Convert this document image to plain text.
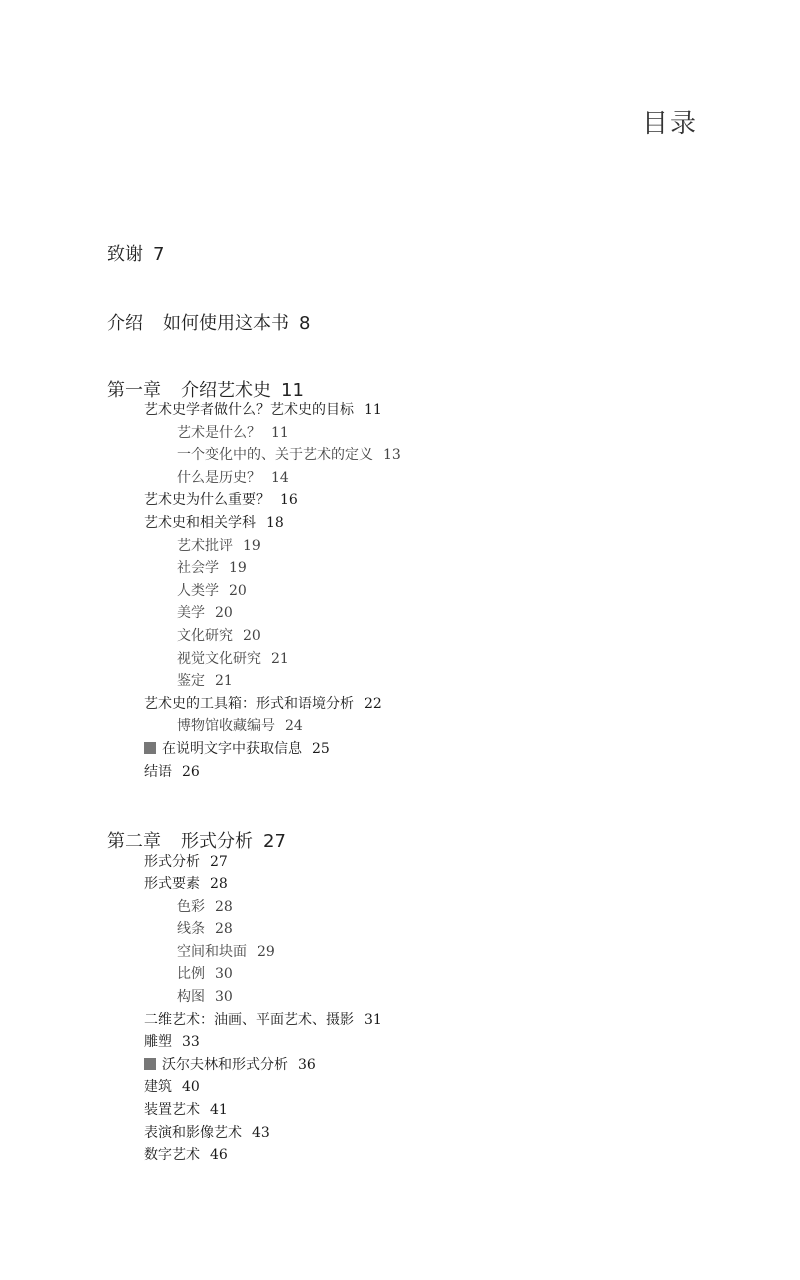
目录
致谢 7
介绍 如何使用这本书 8
第一章 介绍艺术史 11
艺术史学者做什么？艺术史的目标 11
艺术是什么？ 11
一个变化中的、关于艺术的定义 13
什么是历史？ 14
艺术史为什么重要？ 16
艺术史和相关学科 18
艺术批评 19
社会学 19
人类学 20
美学 20
文化研究 20
视觉文化研究 21
鉴定 21
艺术史的工具箱：形式和语境分析 22
博物馆收藏编号 24
在说明文字中获取信息 25
结语 26
第二章 形式分析 27
形式分析 27
形式要素 28
色彩 28
线条 28
空间和块面 29
比例 30
构图 30
二维艺术：油画、平面艺术、摄影 31
雕塑 33
沃尔夫林和形式分析 36
建筑 40
装置艺术 41
表演和影像艺术 43
数字艺术 46
